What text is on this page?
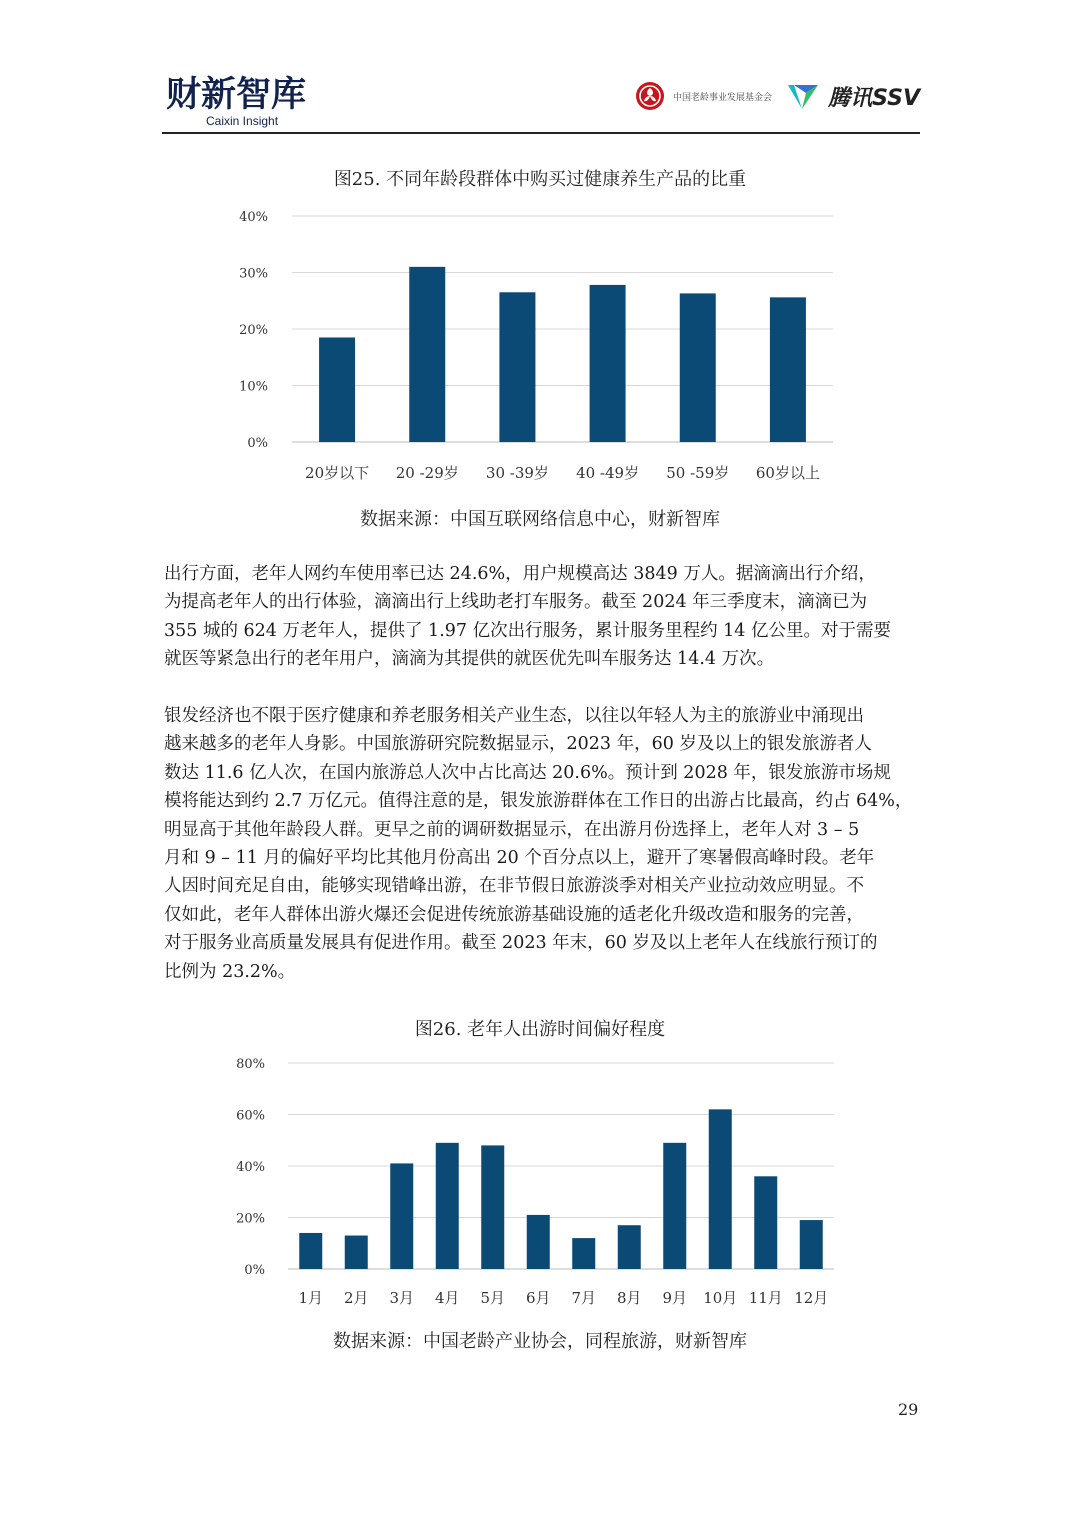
财新智库
Caixin Insight
中国老龄事业发展基金会	腾讯SSV
图25. 不同年龄段群体中购买过健康养生产品的比重
0%
10%
20%
30%
40%
20岁以下 20 -29岁 30 -39岁 40 -49岁 50 -59岁 60岁以上
数据来源：中国互联网络信息中心，财新智库
出行方面，老年人网约车使用率已达 24.6%，用户规模高达 3849 万人。据滴滴出行介绍，
为提高老年人的出行体验，滴滴出行上线助老打车服务。截至 2024 年三季度末，滴滴已为
355 城的 624 万老年人，提供了 1.97 亿次出行服务，累计服务里程约 14 亿公里。对于需要
就医等紧急出行的老年用户，滴滴为其提供的就医优先叫车服务达 14.4 万次。
银发经济也不限于医疗健康和养老服务相关产业生态，以往以年轻人为主的旅游业中涌现出
越来越多的老年人身影。中国旅游研究院数据显示，2023 年，60 岁及以上的银发旅游者人
数达 11.6 亿人次，在国内旅游总人次中占比高达 20.6%。预计到 2028 年，银发旅游市场规
模将能达到约 2.7 万亿元。值得注意的是，银发旅游群体在工作日的出游占比最高，约占 64%，
明显高于其他年龄段人群。更早之前的调研数据显示，在出游月份选择上，老年人对 3 – 5
月和 9 – 11 月的偏好平均比其他月份高出 20 个百分点以上，避开了寒暑假高峰时段。老年
人因时间充足自由，能够实现错峰出游，在非节假日旅游淡季对相关产业拉动效应明显。不
仅如此，老年人群体出游火爆还会促进传统旅游基础设施的适老化升级改造和服务的完善，
对于服务业高质量发展具有促进作用。截至 2023 年末，60 岁及以上老年人在线旅行预订的
比例为 23.2%。
图26. 老年人出游时间偏好程度
0%
20%
40%
60%
80%
1月 2月 3月 4月 5月 6月 7月 8月 9月 10月 11月 12月
数据来源：中国老龄产业协会，同程旅游，财新智库
29
